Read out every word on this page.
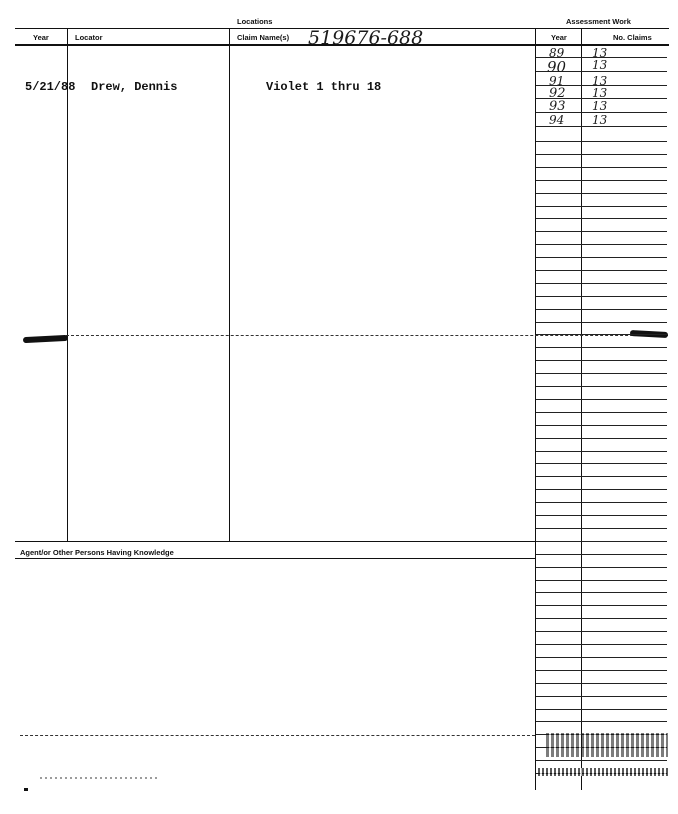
Locations	Assessment Work
Year	Locator	Claim Name(s) 519676-688	Year	No. Claims
5/21/88 Drew, Dennis	Violet 1 thru 18
Agent/or Other Persons Having Knowledge
89 13
90 13
91 13
92 13
93 13
94 13
